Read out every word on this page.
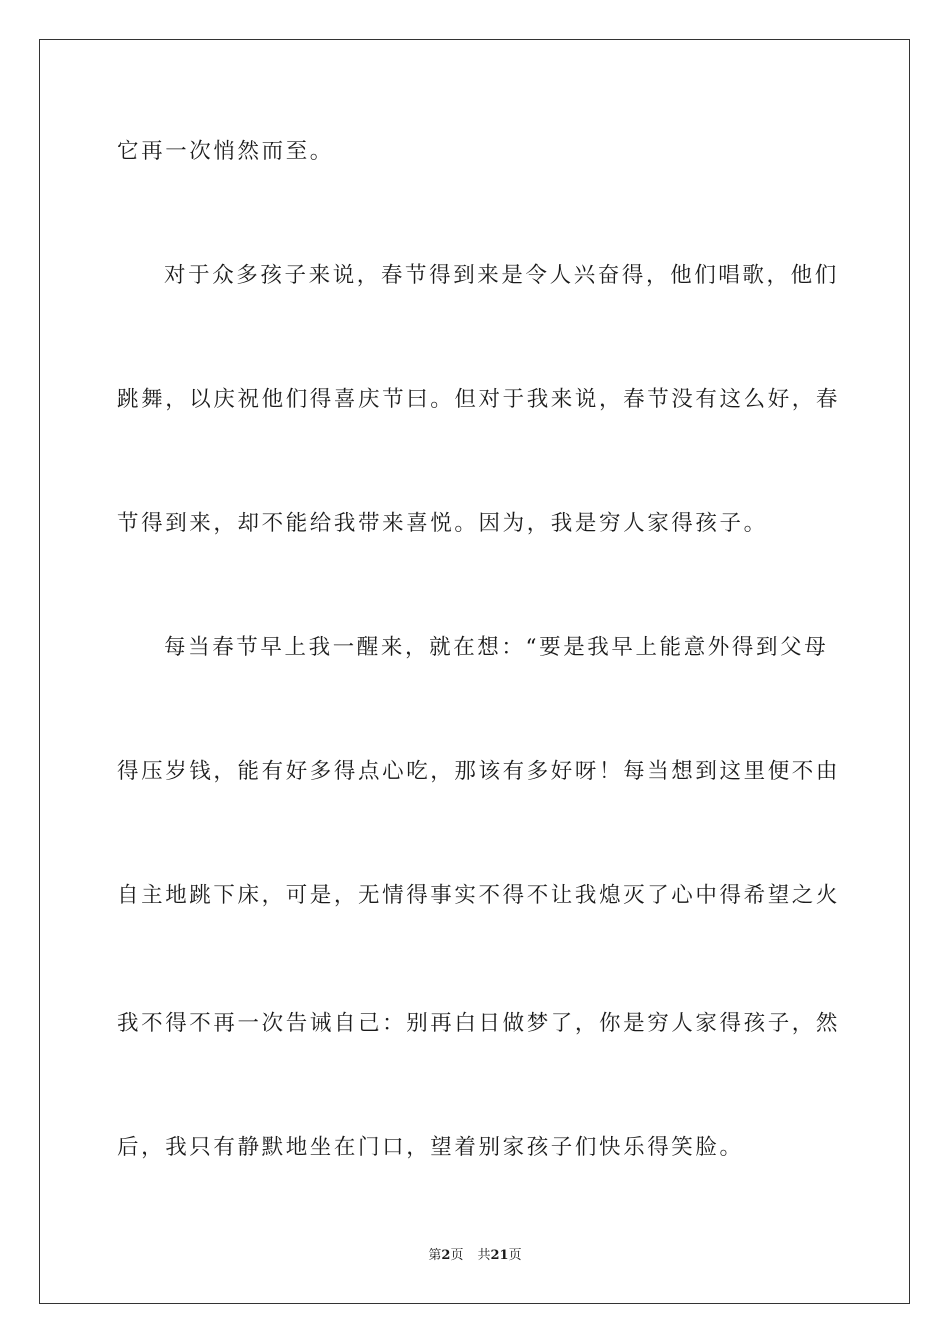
它再一次悄然而至。
对于众多孩子来说，春节得到来是令人兴奋得，他们唱歌，他们
跳舞，以庆祝他们得喜庆节曰。但对于我来说，春节没有这么好，春
节得到来，却不能给我带来喜悦。因为，我是穷人家得孩子。
每当春节早上我一醒来，就在想：“要是我早上能意外得到父母
得压岁钱，能有好多得点心吃，那该有多好呀！每当想到这里便不由
自主地跳下床，可是，无情得事实不得不让我熄灭了心中得希望之火
我不得不再一次告诫自己：别再白日做梦了，你是穷人家得孩子，然
后，我只有静默地坐在门口，望着别家孩子们快乐得笑脸。
第2页 共21页
